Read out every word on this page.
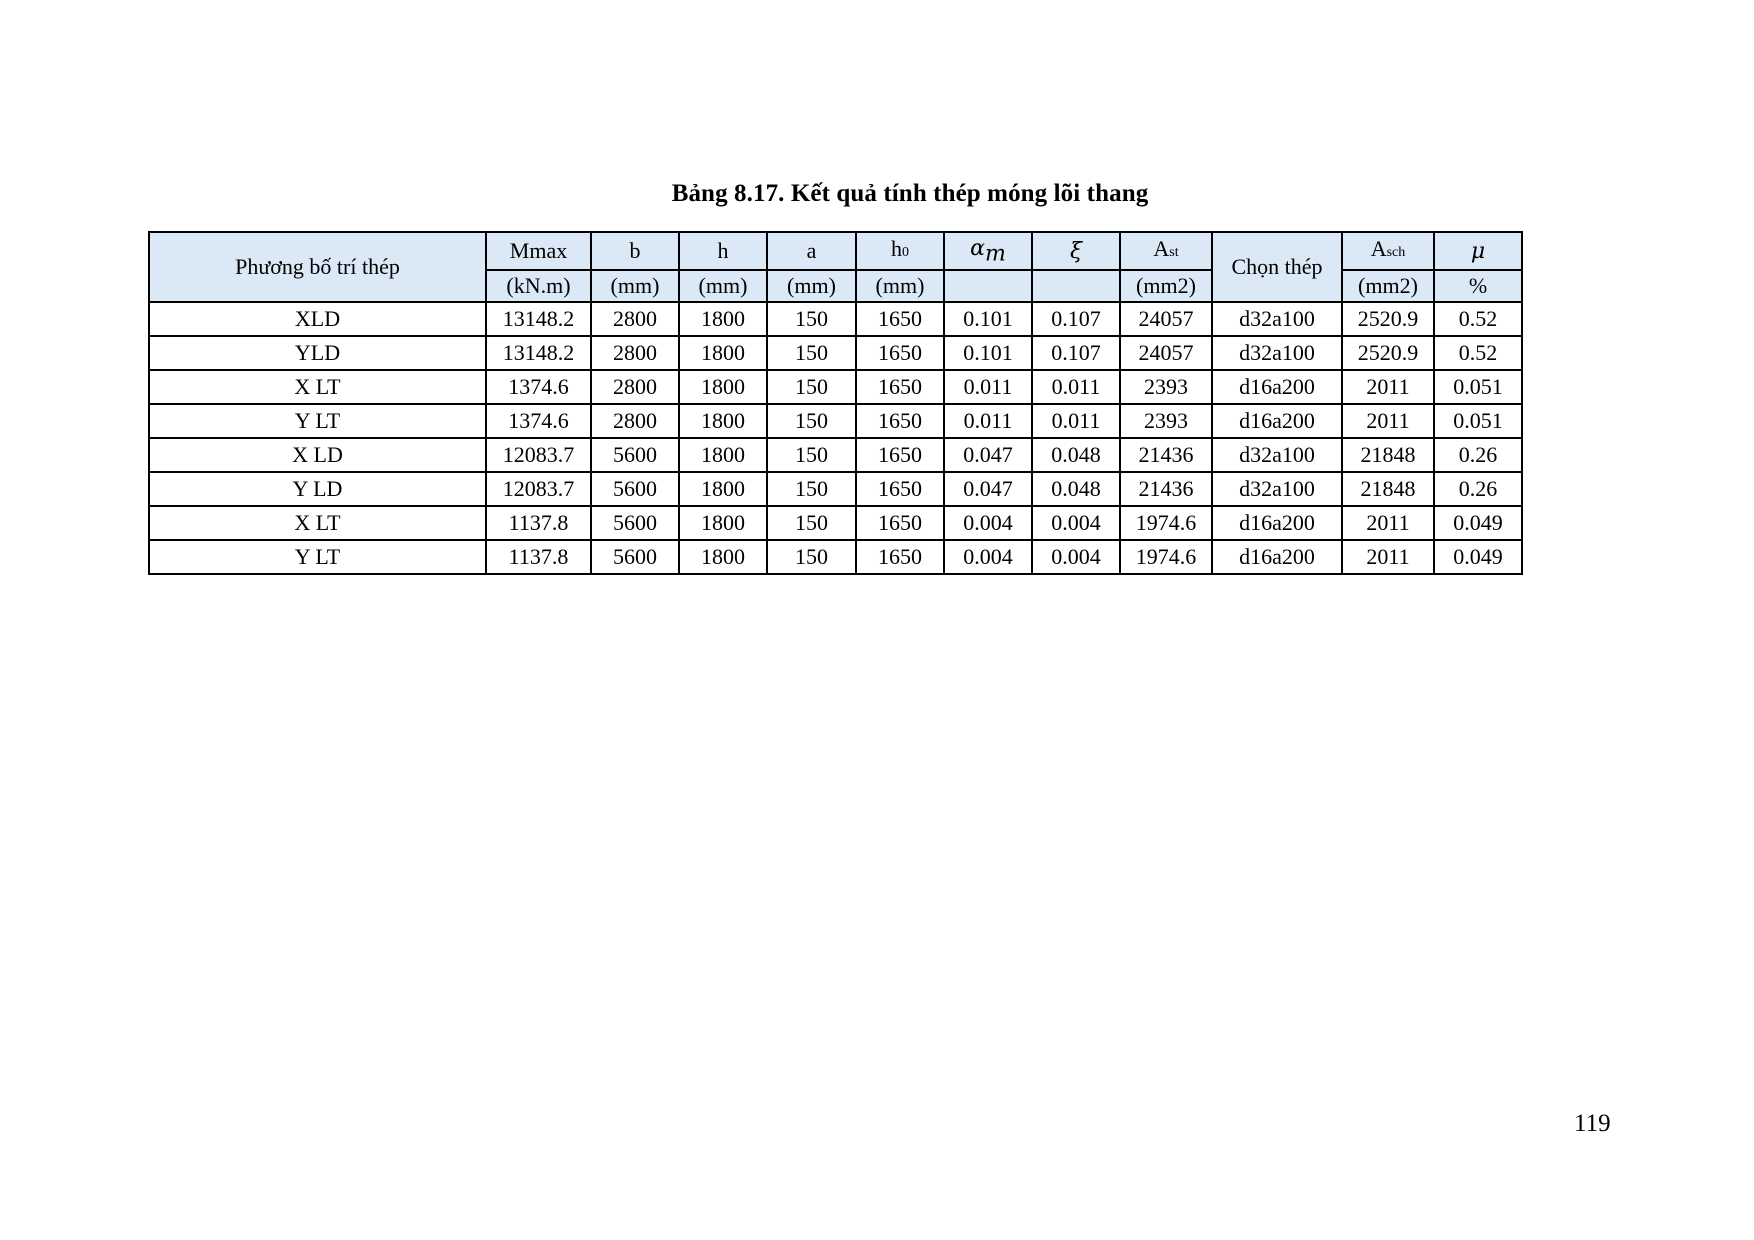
Bảng 8.17. Kết quả tính thép móng lõi thang
Phương bố trí thép	Mmax	b	h	a	h0	$\alpha_m$	ξ	Ast	Chọn thép	Asch	μ
	(kN.m)	(mm)	(mm)	(mm)	(mm)			(mm2)		(mm2)	%
XLD	13148.2	2800	1800	150	1650	0.101	0.107	24057	d32a100	2520.9	0.52
YLD	13148.2	2800	1800	150	1650	0.101	0.107	24057	d32a100	2520.9	0.52
X LT	1374.6	2800	1800	150	1650	0.011	0.011	2393	d16a200	2011	0.051
Y LT	1374.6	2800	1800	150	1650	0.011	0.011	2393	d16a200	2011	0.051
X LD	12083.7	5600	1800	150	1650	0.047	0.048	21436	d32a100	21848	0.26
Y LD	12083.7	5600	1800	150	1650	0.047	0.048	21436	d32a100	21848	0.26
X LT	1137.8	5600	1800	150	1650	0.004	0.004	1974.6	d16a200	2011	0.049
Y LT	1137.8	5600	1800	150	1650	0.004	0.004	1974.6	d16a200	2011	0.049
119
